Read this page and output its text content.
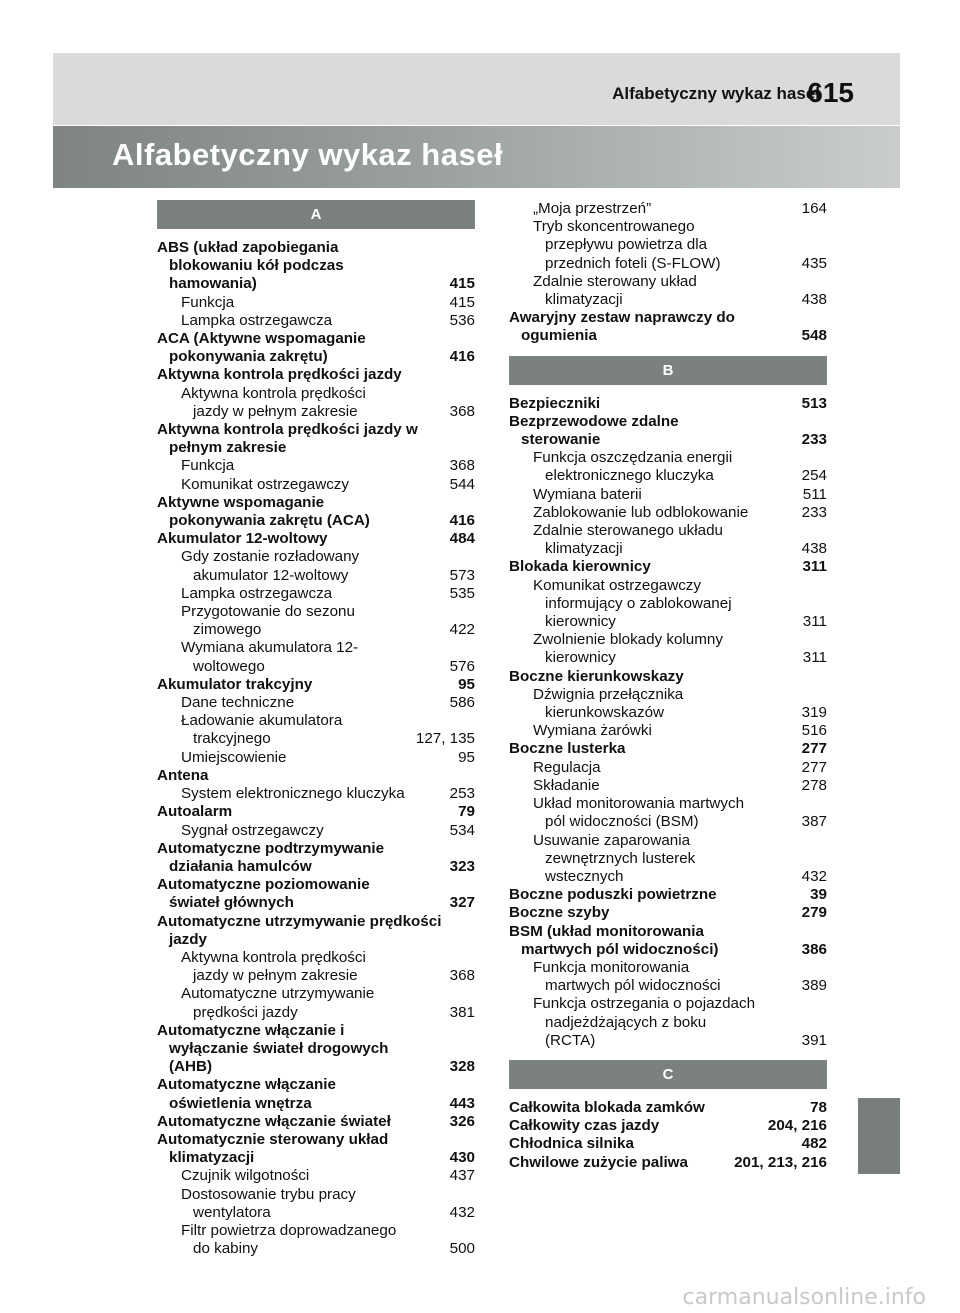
Alfabetyczny wykaz haseł
615
Alfabetyczny wykaz haseł
A
ABS (układ zapobiegania blokowaniu kół podczas hamowania)	415
Funkcja	415
Lampka ostrzegawcza	536
ACA (Aktywne wspomaganie pokonywania zakrętu)	416
Aktywna kontrola prędkości jazdy
Aktywna kontrola prędkości jazdy w pełnym zakresie	368
Aktywna kontrola prędkości jazdy w pełnym zakresie
Funkcja	368
Komunikat ostrzegawczy	544
Aktywne wspomaganie pokonywania zakrętu (ACA)	416
Akumulator 12-woltowy	484
Gdy zostanie rozładowany akumulator 12-woltowy	573
Lampka ostrzegawcza	535
Przygotowanie do sezonu zimowego	422
Wymiana akumulatora 12-woltowego	576
Akumulator trakcyjny	95
Dane techniczne	586
Ładowanie akumulatora trakcyjnego	127, 135
Umiejscowienie	95
Antena
System elektronicznego kluczyka	253
Autoalarm	79
Sygnał ostrzegawczy	534
Automatyczne podtrzymywanie działania hamulców	323
Automatyczne poziomowanie świateł głównych	327
Automatyczne utrzymywanie prędkości jazdy
Aktywna kontrola prędkości jazdy w pełnym zakresie	368
Automatyczne utrzymywanie prędkości jazdy	381
Automatyczne włączanie i wyłączanie świateł drogowych (AHB)	328
Automatyczne włączanie oświetlenia wnętrza	443
Automatyczne włączanie świateł	326
Automatycznie sterowany układ klimatyzacji	430
Czujnik wilgotności	437
Dostosowanie trybu pracy wentylatora	432
Filtr powietrza doprowadzanego do kabiny	500
„Moja przestrzeń”	164
Tryb skoncentrowanego przepływu powietrza dla przednich foteli (S-FLOW)	435
Zdalnie sterowany układ klimatyzacji	438
Awaryjny zestaw naprawczy do ogumienia	548
B
Bezpieczniki	513
Bezprzewodowe zdalne sterowanie	233
Funkcja oszczędzania energii elektronicznego kluczyka	254
Wymiana baterii	511
Zablokowanie lub odblokowanie	233
Zdalnie sterowanego układu klimatyzacji	438
Blokada kierownicy	311
Komunikat ostrzegawczy informujący o zablokowanej kierownicy	311
Zwolnienie blokady kolumny kierownicy	311
Boczne kierunkowskazy
Dźwignia przełącznika kierunkowskazów	319
Wymiana żarówki	516
Boczne lusterka	277
Regulacja	277
Składanie	278
Układ monitorowania martwych pól widoczności (BSM)	387
Usuwanie zaparowania zewnętrznych lusterek wstecznych	432
Boczne poduszki powietrzne	39
Boczne szyby	279
BSM (układ monitorowania martwych pól widoczności)	386
Funkcja monitorowania martwych pól widoczności	389
Funkcja ostrzegania o pojazdach nadjeżdżających z boku (RCTA)	391
C
Całkowita blokada zamków	78
Całkowity czas jazdy	204, 216
Chłodnica silnika	482
Chwilowe zużycie paliwa	201, 213, 216
carmanualsonline.info
